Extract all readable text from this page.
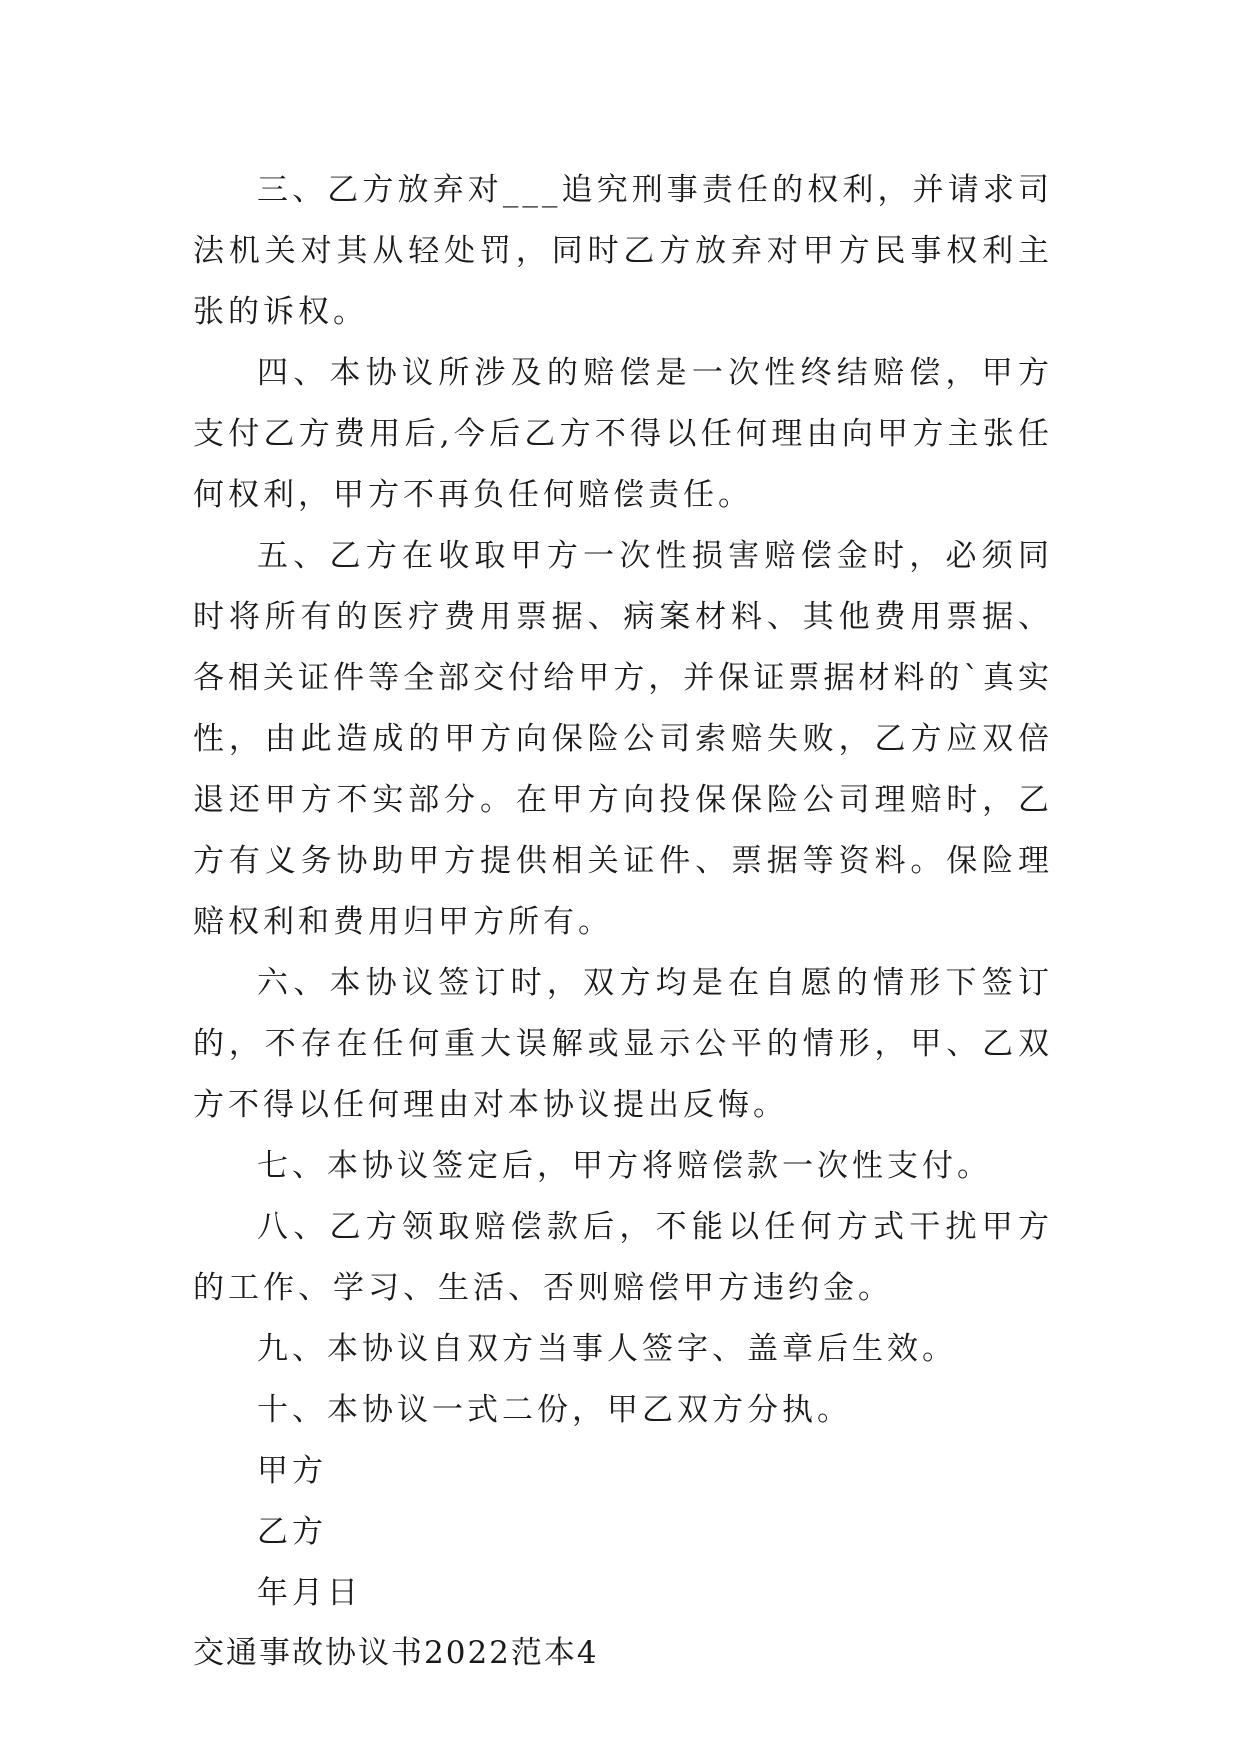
三、乙方放弃对___追究刑事责任的权利，并请求司法机关对其从轻处罚，同时乙方放弃对甲方民事权利主张的诉权。

四、本协议所涉及的赔偿是一次性终结赔偿，甲方支付乙方费用后,今后乙方不得以任何理由向甲方主张任何权利，甲方不再负任何赔偿责任。

五、乙方在收取甲方一次性损害赔偿金时，必须同时将所有的医疗费用票据、病案材料、其他费用票据、各相关证件等全部交付给甲方，并保证票据材料的`真实性，由此造成的甲方向保险公司索赔失败，乙方应双倍退还甲方不实部分。在甲方向投保保险公司理赔时，乙方有义务协助甲方提供相关证件、票据等资料。保险理赔权利和费用归甲方所有。

六、本协议签订时，双方均是在自愿的情形下签订的，不存在任何重大误解或显示公平的情形，甲、乙双方不得以任何理由对本协议提出反悔。

七、本协议签定后，甲方将赔偿款一次性支付。

八、乙方领取赔偿款后，不能以任何方式干扰甲方的工作、学习、生活、否则赔偿甲方违约金。

九、本协议自双方当事人签字、盖章后生效。

十、本协议一式二份，甲乙双方分执。

甲方

乙方

年月日

交通事故协议书2022范本4
